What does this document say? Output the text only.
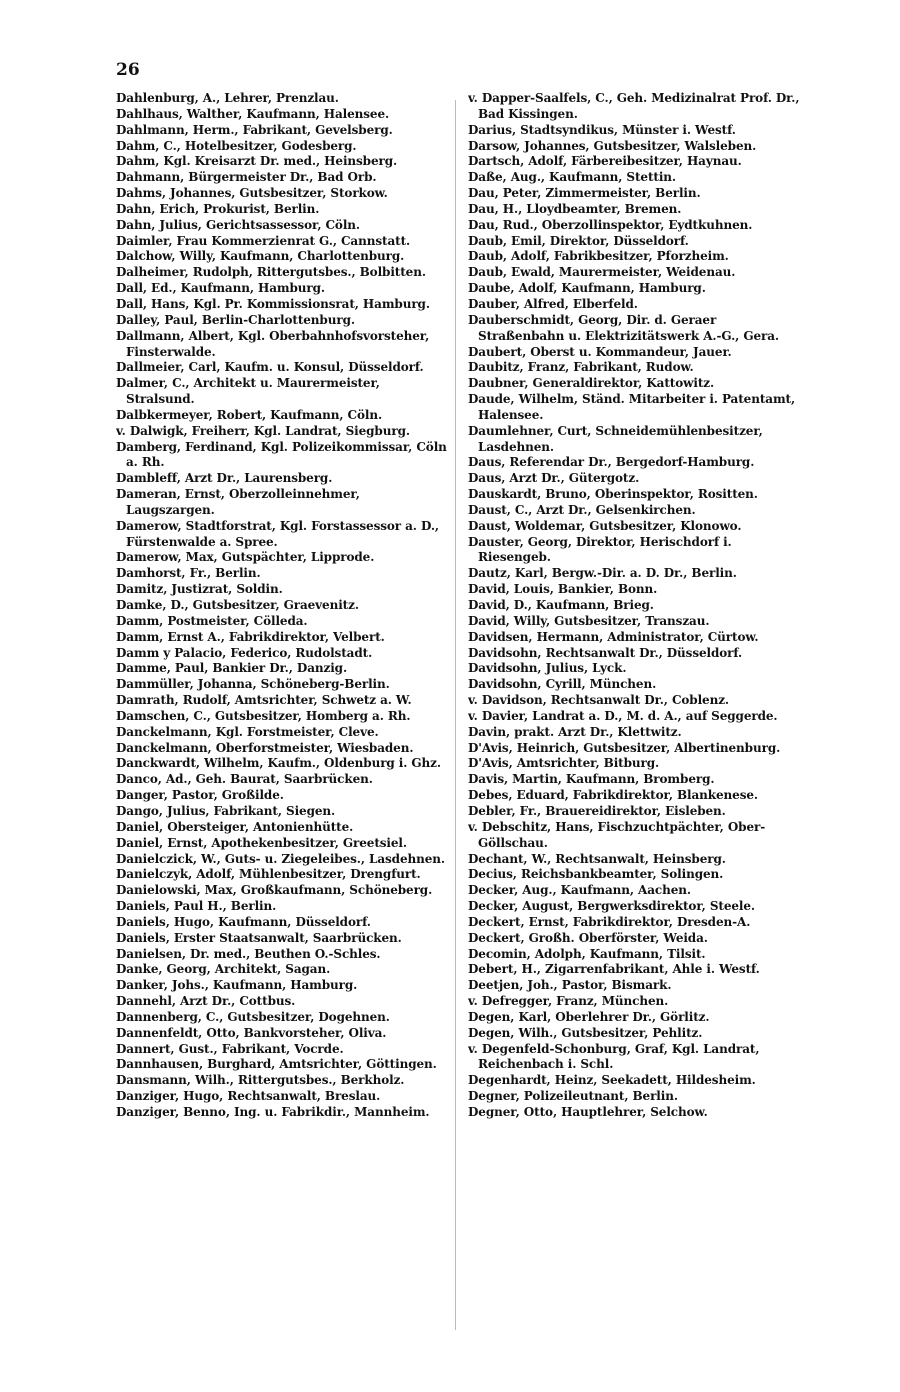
26
Dahlenburg, A., Lehrer, Prenzlau.
Dahlhaus, Walther, Kaufmann, Halensee.
Dahlmann, Herm., Fabrikant, Gevelsberg.
Dahm, C., Hotelbesitzer, Godesberg.
Dahm, Kgl. Kreisarzt Dr. med., Heinsberg.
Dahmann, Bürgermeister Dr., Bad Orb.
Dahms, Johannes, Gutsbesitzer, Storkow.
Dahn, Erich, Prokurist, Berlin.
Dahn, Julius, Gerichtsassessor, Cöln.
Daimler, Frau Kommerzienrat G., Cannstatt.
Dalchow, Willy, Kaufmann, Charlottenburg.
Dalheimer, Rudolph, Rittergutsbes., Bolbitten.
Dall, Ed., Kaufmann, Hamburg.
Dall, Hans, Kgl. Pr. Kommissionsrat, Hamburg.
Dalley, Paul, Berlin-Charlottenburg.
Dallmann, Albert, Kgl. Oberbahnhofsvorsteher, Finsterwalde.
Dallmeier, Carl, Kaufm. u. Konsul, Düsseldorf.
Dalmer, C., Architekt u. Maurermeister, Stralsund.
Dalbkermeyer, Robert, Kaufmann, Cöln.
v. Dalwigk, Freiherr, Kgl. Landrat, Siegburg.
Damberg, Ferdinand, Kgl. Polizeikommissar, Cöln a. Rh.
Dambleff, Arzt Dr., Laurensberg.
Dameran, Ernst, Oberzolleinnehmer, Laugszargen.
Damerow, Stadtforstrat, Kgl. Forstassessor a. D., Fürstenwalde a. Spree.
Damerow, Max, Gutspächter, Lipprode.
Damhorst, Fr., Berlin.
Damitz, Justizrat, Soldin.
Damke, D., Gutsbesitzer, Graevenitz.
Damm, Postmeister, Cölleda.
Damm, Ernst A., Fabrikdirektor, Velbert.
Damm y Palacio, Federico, Rudolstadt.
Damme, Paul, Bankier Dr., Danzig.
Dammüller, Johanna, Schöneberg-Berlin.
Damrath, Rudolf, Amtsrichter, Schwetz a. W.
Damschen, C., Gutsbesitzer, Homberg a. Rh.
Danckelmann, Kgl. Forstmeister, Cleve.
Danckelmann, Oberforstmeister, Wiesbaden.
Danckwardt, Wilhelm, Kaufm., Oldenburg i. Ghz.
Danco, Ad., Geh. Baurat, Saarbrücken.
Danger, Pastor, Großilde.
Dango, Julius, Fabrikant, Siegen.
Daniel, Obersteiger, Antonienhütte.
Daniel, Ernst, Apothekenbesitzer, Greetsiel.
Danielczick, W., Guts- u. Ziegeleibes., Lasdehnen.
Danielczyk, Adolf, Mühlenbesitzer, Drengfurt.
Danielowski, Max, Großkaufmann, Schöneberg.
Daniels, Paul H., Berlin.
Daniels, Hugo, Kaufmann, Düsseldorf.
Daniels, Erster Staatsanwalt, Saarbrücken.
Danielsen, Dr. med., Beuthen O.-Schles.
Danke, Georg, Architekt, Sagan.
Danker, Johs., Kaufmann, Hamburg.
Dannehl, Arzt Dr., Cottbus.
Dannenberg, C., Gutsbesitzer, Dogehnen.
Dannenfeldt, Otto, Bankvorsteher, Oliva.
Dannert, Gust., Fabrikant, Vocrde.
Dannhausen, Burghard, Amtsrichter, Göttingen.
Dansmann, Wilh., Rittergutsbes., Berkholz.
Danziger, Hugo, Rechtsanwalt, Breslau.
Danziger, Benno, Ing. u. Fabrikdir., Mannheim.
v. Dapper-Saalfels, C., Geh. Medizinalrat Prof. Dr., Bad Kissingen.
Darius, Stadtsyndikus, Münster i. Westf.
Darsow, Johannes, Gutsbesitzer, Walsleben.
Dartsch, Adolf, Färbereibesitzer, Haynau.
Daße, Aug., Kaufmann, Stettin.
Dau, Peter, Zimmermeister, Berlin.
Dau, H., Lloydbeamter, Bremen.
Dau, Rud., Oberzollinspektor, Eydtkuhnen.
Daub, Emil, Direktor, Düsseldorf.
Daub, Adolf, Fabrikbesitzer, Pforzheim.
Daub, Ewald, Maurermeister, Weidenau.
Daube, Adolf, Kaufmann, Hamburg.
Dauber, Alfred, Elberfeld.
Dauberschmidt, Georg, Dir. d. Geraer Straßenbahn u. Elektrizitätswerk A.-G., Gera.
Daubert, Oberst u. Kommandeur, Jauer.
Daubitz, Franz, Fabrikant, Rudow.
Daubner, Generaldirektor, Kattowitz.
Daude, Wilhelm, Ständ. Mitarbeiter i. Patentamt, Halensee.
Daumlehner, Curt, Schneidemühlenbesitzer, Lasdehnen.
Daus, Referendar Dr., Bergedorf-Hamburg.
Daus, Arzt Dr., Gütergotz.
Dauskardt, Bruno, Oberinspektor, Rositten.
Daust, C., Arzt Dr., Gelsenkirchen.
Daust, Woldemar, Gutsbesitzer, Klonowo.
Dauster, Georg, Direktor, Herischdorf i. Riesengeb.
Dautz, Karl, Bergw.-Dir. a. D. Dr., Berlin.
David, Louis, Bankier, Bonn.
David, D., Kaufmann, Brieg.
David, Willy, Gutsbesitzer, Transzau.
Davidsen, Hermann, Administrator, Cürtow.
Davidsohn, Rechtsanwalt Dr., Düsseldorf.
Davidsohn, Julius, Lyck.
Davidsohn, Cyrill, München.
v. Davidson, Rechtsanwalt Dr., Coblenz.
v. Davier, Landrat a. D., M. d. A., auf Seggerde.
Davin, prakt. Arzt Dr., Klettwitz.
D'Avis, Heinrich, Gutsbesitzer, Albertinenburg.
D'Avis, Amtsrichter, Bitburg.
Davis, Martin, Kaufmann, Bromberg.
Debes, Eduard, Fabrikdirektor, Blankenese.
Debler, Fr., Brauereidirektor, Eisleben.
v. Debschitz, Hans, Fischzuchtpächter, Ober-Göllschau.
Dechant, W., Rechtsanwalt, Heinsberg.
Decius, Reichsbankbeamter, Solingen.
Decker, Aug., Kaufmann, Aachen.
Decker, August, Bergwerksdirektor, Steele.
Deckert, Ernst, Fabrikdirektor, Dresden-A.
Deckert, Großh. Oberförster, Weida.
Decomin, Adolph, Kaufmann, Tilsit.
Debert, H., Zigarrenfabrikant, Ahle i. Westf.
Deetjen, Joh., Pastor, Bismark.
v. Defregger, Franz, München.
Degen, Karl, Oberlehrer Dr., Görlitz.
Degen, Wilh., Gutsbesitzer, Pehlitz.
v. Degenfeld-Schonburg, Graf, Kgl. Landrat, Reichenbach i. Schl.
Degenhardt, Heinz, Seekadett, Hildesheim.
Degner, Polizeileutnant, Berlin.
Degner, Otto, Hauptlehrer, Selchow.
